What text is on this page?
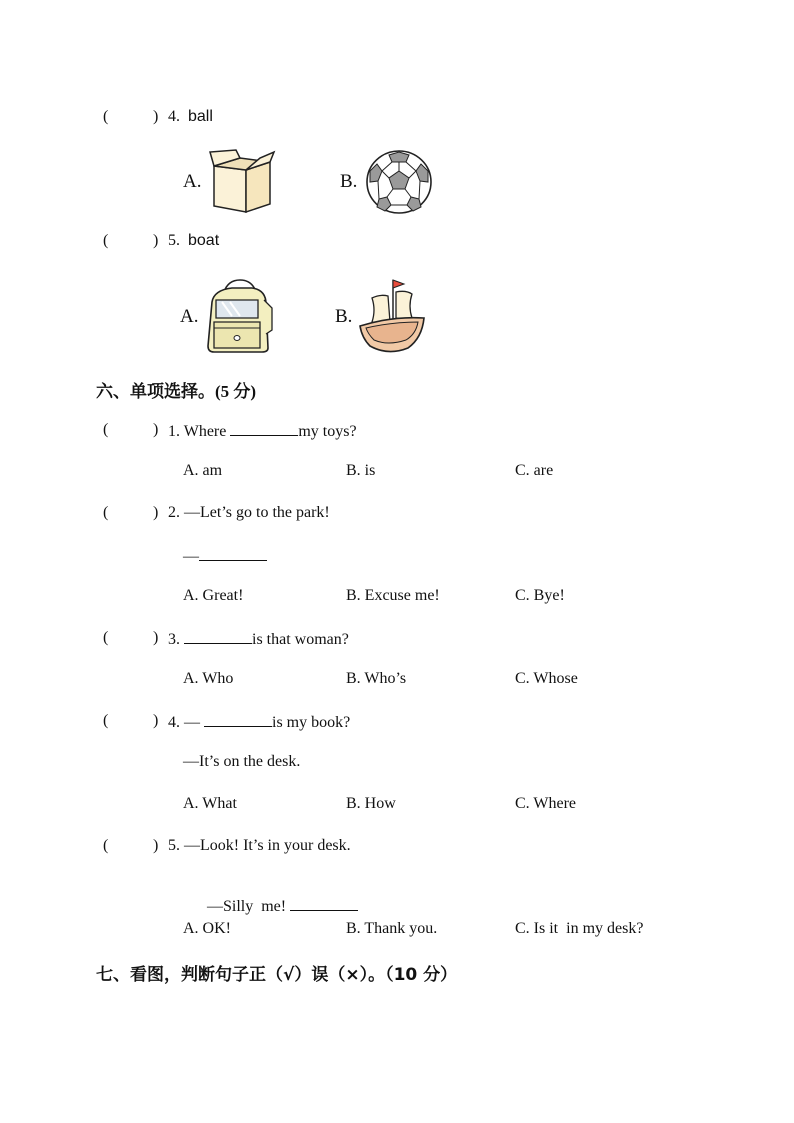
(	) 4. ball
A.	B.
(	) 5. boat
A.	B.
六、单项选择。(5 分)
(	) 1. Where	my toys?
A. am	B. is	C. are
(	) 2. —Let’s go to the park!
—
A. Great!	B. Excuse me!	C. Bye!
(	) 3.	is that woman?
A. Who	B. Who’s	C. Whose
(	) 4. —	is my book?
—It’s on the desk.
A. What	B. How	C. Where
(	) 5. —Look! It’s in your desk.

—Silly  me!

A. OK!	B. Thank you.	C. Is it  in my desk?
七、看图，判断句子正（√）误（×）。（10 分）
